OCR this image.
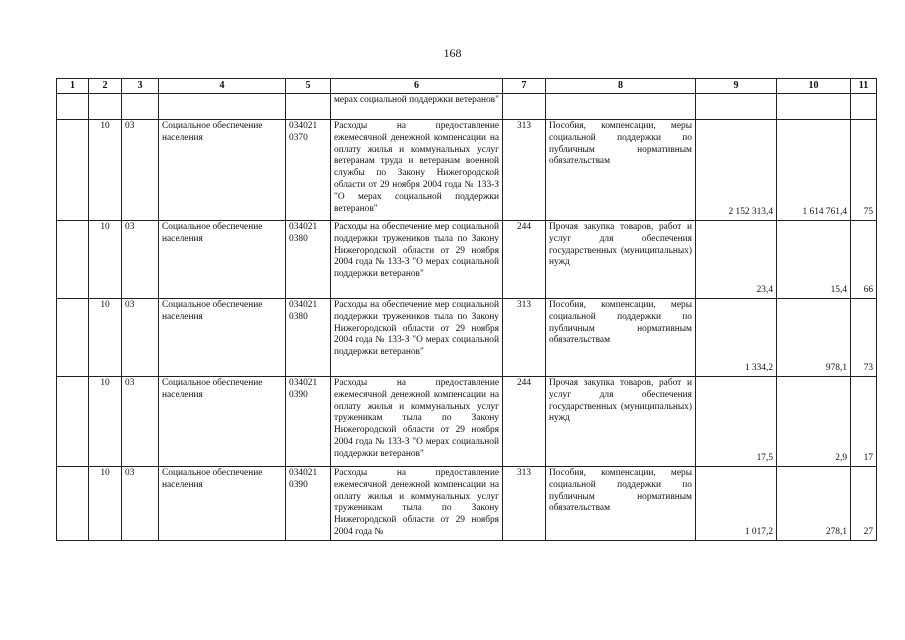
168
1	2	3	4	5	6	7	8	9	10	11
					мерах социальной поддержки ветеранов"					
	10	03	Социальное обеспечение населения	034021 0370	Расходы на предоставление ежемесячной денежной компенсации на оплату жилья и коммунальных услуг ветеранам труда и ветеранам военной службы по Закону Нижегородской области от 29 ноября 2004 года № 133-З "О мерах социальной поддержки ветеранов"	313	Пособия, компенсации, меры социальной поддержки по публичным нормативным обязательствам	2 152 313,4	1 614 761,4	75
	10	03	Социальное обеспечение населения	034021 0380	Расходы на обеспечение мер социальной поддержки тружеников тыла по Закону Нижегородской области от 29 ноября 2004 года № 133-З "О мерах социальной поддержки ветеранов"	244	Прочая закупка товаров, работ и услуг для обеспечения государственных (муниципальных) нужд	23,4	15,4	66
	10	03	Социальное обеспечение населения	034021 0380	Расходы на обеспечение мер социальной поддержки тружеников тыла по Закону Нижегородской области от 29 ноября 2004 года № 133-З "О мерах социальной поддержки ветеранов"	313	Пособия, компенсации, меры социальной поддержки по публичным нормативным обязательствам	1 334,2	978,1	73
	10	03	Социальное обеспечение населения	034021 0390	Расходы на предоставление ежемесячной денежной компенсации на оплату жилья и коммунальных услуг труженикам тыла по Закону Нижегородской области от 29 ноября 2004 года № 133-З "О мерах социальной поддержки ветеранов"	244	Прочая закупка товаров, работ и услуг для обеспечения государственных (муниципальных) нужд	17,5	2,9	17
	10	03	Социальное обеспечение населения	034021 0390	Расходы на предоставление ежемесячной денежной компенсации на оплату жилья и коммунальных услуг труженикам тыла по Закону Нижегородской области от 29 ноября 2004 года №	313	Пособия, компенсации, меры социальной поддержки по публичным нормативным обязательствам	1 017,2	278,1	27
